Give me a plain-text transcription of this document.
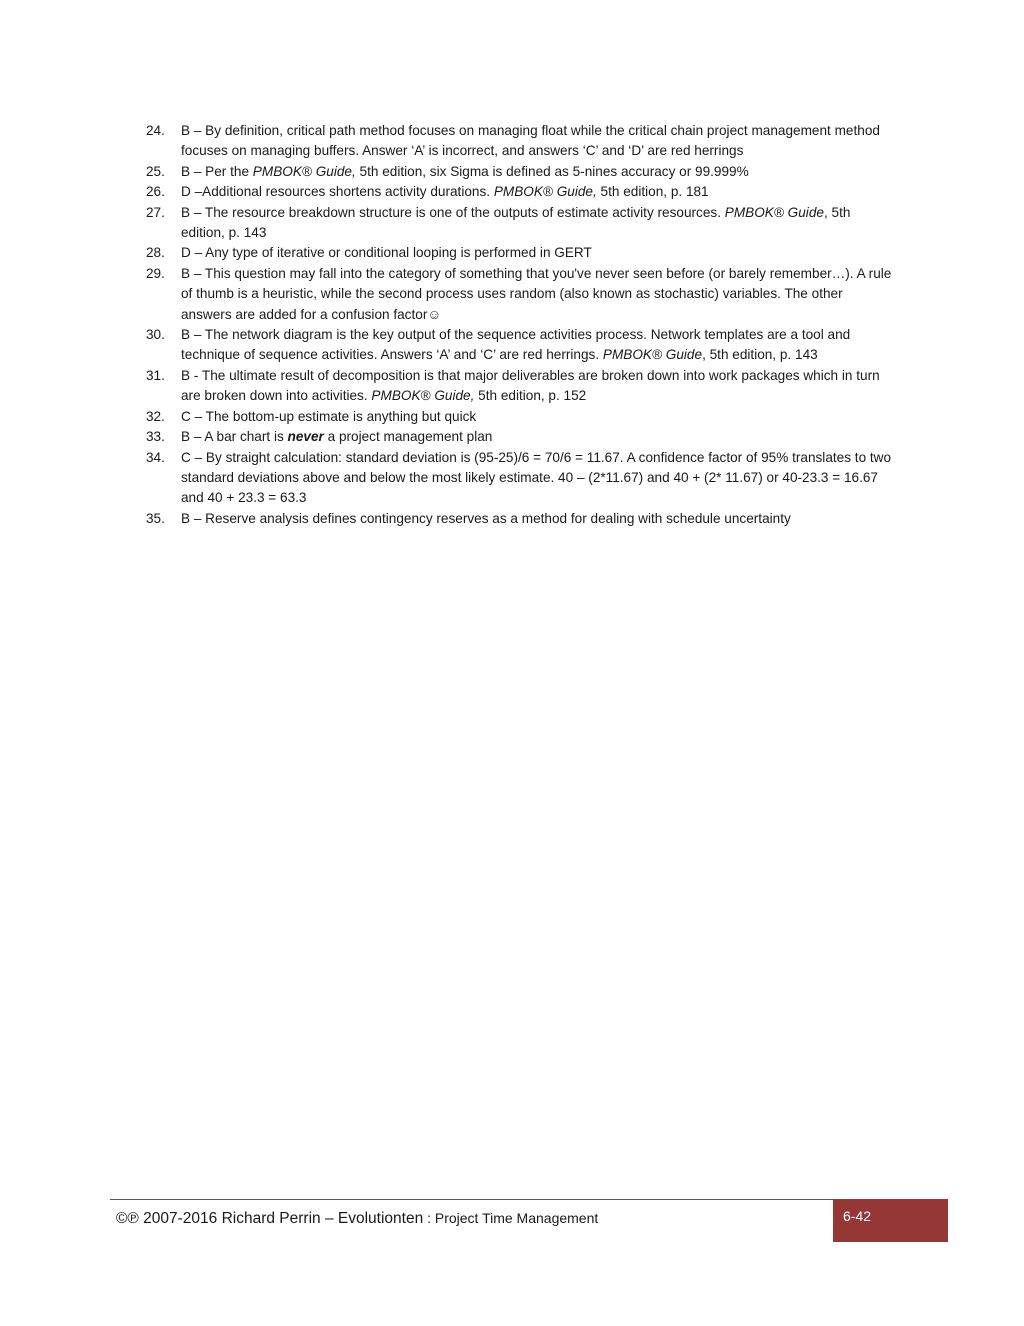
24.	B – By definition, critical path method focuses on managing float while the critical chain project management method focuses on managing buffers. Answer ‘A’ is incorrect, and answers ‘C’ and ‘D’ are red herrings
25.	B – Per the PMBOK® Guide, 5th edition, six Sigma is defined as 5-nines accuracy or 99.999%
26.	D –Additional resources shortens activity durations. PMBOK® Guide, 5th edition, p. 181
27.	B – The resource breakdown structure is one of the outputs of estimate activity resources. PMBOK® Guide, 5th edition, p. 143
28.	D – Any type of iterative or conditional looping is performed in GERT
29.	B – This question may fall into the category of something that you've never seen before (or barely remember…). A rule of thumb is a heuristic, while the second process uses random (also known as stochastic) variables. The other answers are added for a confusion factor☺
30.	B – The network diagram is the key output of the sequence activities process. Network templates are a tool and technique of sequence activities. Answers ‘A’ and ‘C’ are red herrings. PMBOK® Guide, 5th edition, p. 143
31.	B - The ultimate result of decomposition is that major deliverables are broken down into work packages which in turn are broken down into activities. PMBOK® Guide, 5th edition, p. 152
32.	C – The bottom-up estimate is anything but quick
33.	B – A bar chart is never a project management plan
34.	C – By straight calculation: standard deviation is (95-25)/6 = 70/6 = 11.67. A confidence factor of 95% translates to two standard deviations above and below the most likely estimate. 40 – (2*11.67) and 40 + (2* 11.67) or 40-23.3 = 16.67 and 40 + 23.3 = 63.3
35.	B – Reserve analysis defines contingency reserves as a method for dealing with schedule uncertainty
©℗ 2007-2016 Richard Perrin – Evolutionten : Project Time Management	6-42
